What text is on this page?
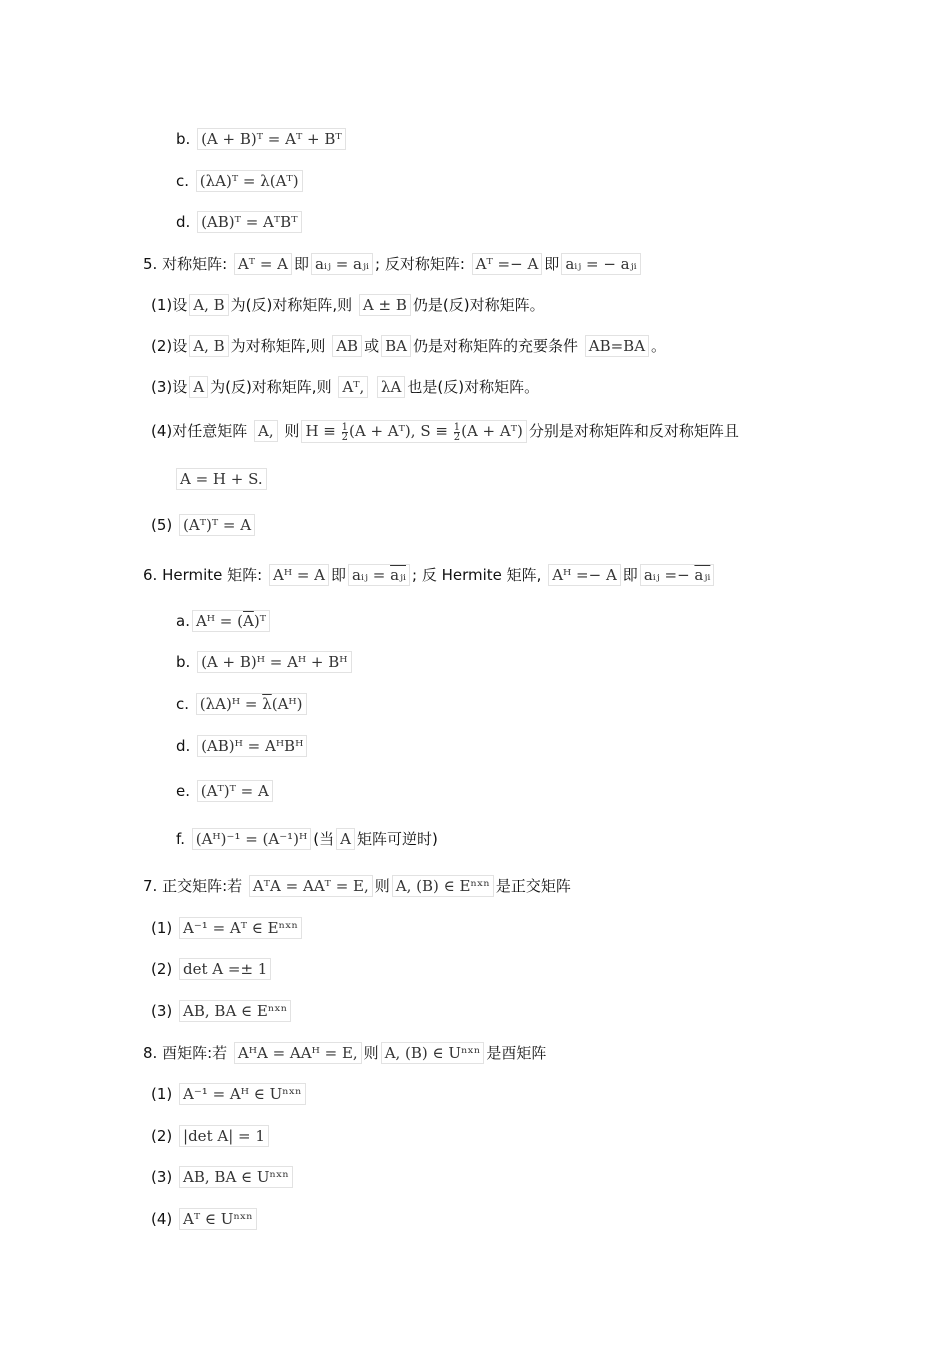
b. (A + B)ᵀ = Aᵀ + Bᵀ
c. (λA)ᵀ = λ(Aᵀ)
d. (AB)ᵀ = AᵀBᵀ
5. 对称矩阵: Aᵀ = A 即 aᵢⱼ = aⱼᵢ ; 反对称矩阵: Aᵀ =− A 即 aᵢⱼ = − aⱼᵢ
(1)设 A, B 为(反)对称矩阵,则 A ± B 仍是(反)对称矩阵。
(2)设 A, B 为对称矩阵,则 AB 或 BA 仍是对称矩阵的充要条件 AB=BA 。
(3)设 A 为(反)对称矩阵,则 Aᵀ, λA 也是(反)对称矩阵。
(4)对任意矩阵 A, 则 $H \equiv \frac{1}{2} (A$ + Aᵀ), $S \equiv \frac{1}{2} (A$ + Aᵀ) 分别是对称矩阵和反对称矩阵且
A = H + S.
(5) (Aᵀ)ᵀ = A
6. Hermite 矩阵: Aᴴ = A 即 aᵢⱼ = $\overline{aⱼᵢ}$ ; 反 Hermite 矩阵, Aᴴ =− A 即 aᵢⱼ =− $\overline{aⱼᵢ}$
a. Aᴴ = $(\overline{A})ᵀ$
b. (A + B)ᴴ = Aᴴ + Bᴴ
c. (λA)ᴴ = $\overline{\lambda}(Aᴴ)$
d. (AB)ᴴ = AᴴBᴴ
e. (Aᵀ)ᵀ = A
f. (Aᴴ)⁻¹ = (A⁻¹)ᴴ (当 A 矩阵可逆时)
7. 正交矩阵:若 AᵀA = AAᵀ = E, 则 A, (B) ∈ Eⁿˣⁿ 是正交矩阵
(1) A⁻¹ = Aᵀ ∈ Eⁿˣⁿ
(2) det A =± 1
(3) AB, BA ∈ Eⁿˣⁿ
8. 酉矩阵:若 AᴴA = AAᴴ = E, 则 A, (B) ∈ Uⁿˣⁿ 是酉矩阵
(1) A⁻¹ = Aᴴ ∈ Uⁿˣⁿ
(2) |det A| = 1
(3) AB, BA ∈ Uⁿˣⁿ
(4) Aᵀ ∈ Uⁿˣⁿ
